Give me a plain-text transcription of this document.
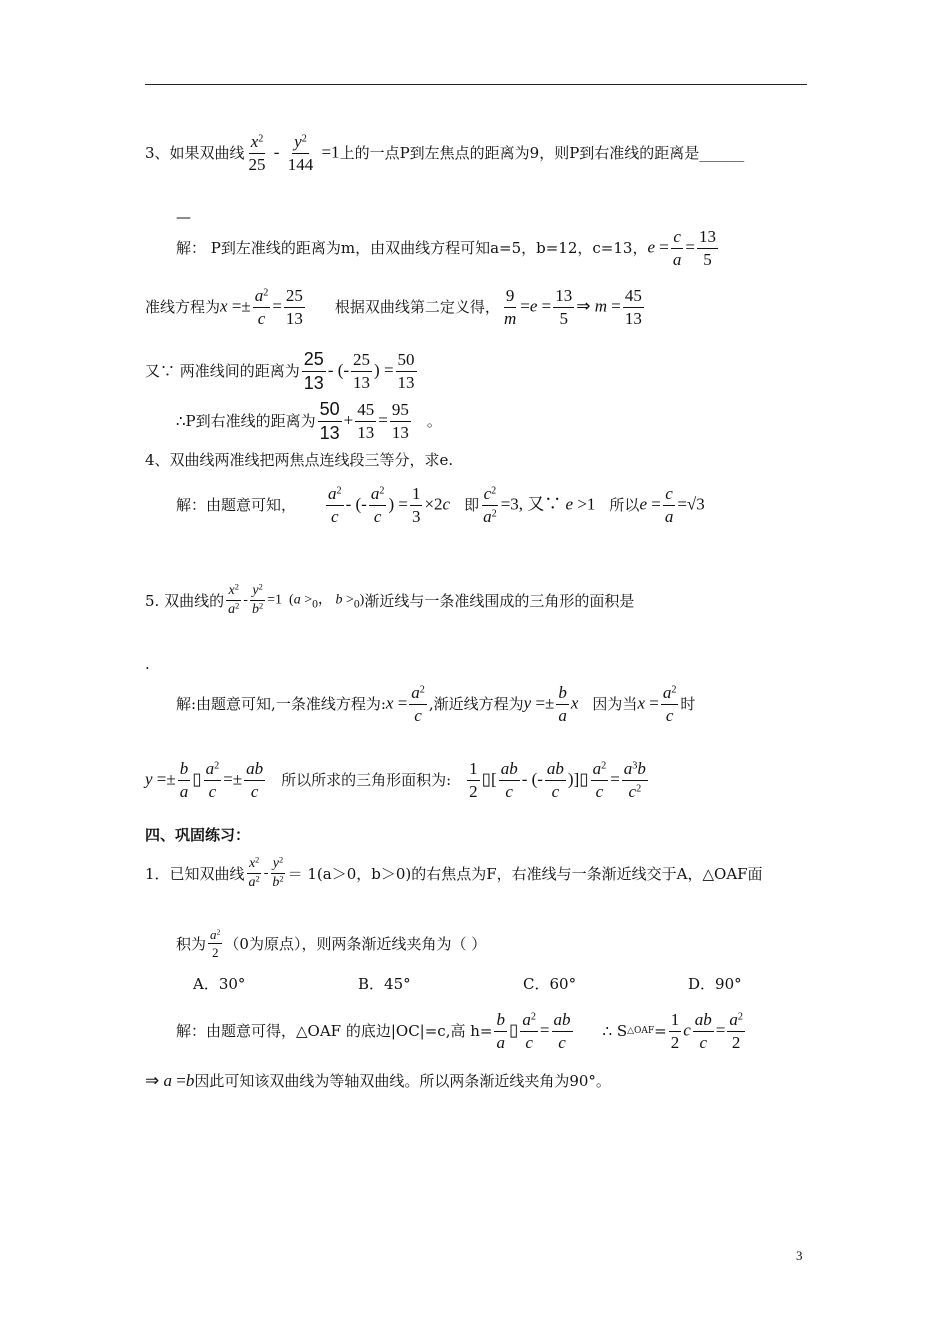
3、如果双曲线 $\frac{x^2}{25} - \frac{y^2}{144} =1$ 上的一点P到左焦点的距离为9，则P到右准线的距离是______
—
解： P到左准线的距离为m，由双曲线方程可知a=5，b=12，c=13， $e = \frac{c}{a} = \frac{13}{5}$
准线方程为 $x =\pm \frac{a^2}{c} = \frac{25}{13}$ 根据双曲线第二定义得， $\frac{9}{m} =e = \frac{13}{5}$ ⇒ $m = \frac{45}{13}$
又∵ 两准线间的距离为 $\frac{25}{13}$ - (- $\frac{25}{13}$ ) = $\frac{50}{13}$
∴P到右准线的距离为 $\frac{50}{13} + \frac{45}{13} = \frac{95}{13}$ 。
4、双曲线两准线把两焦点连线段三等分，求e.
解：由题意可知， $\frac{a^2}{c}$ - (- $\frac{a^2}{c}$ ) = $\frac{1}{3} \times 2c$ 即 $\frac{c^2}{a^2} =3$, 又∵ e >1 所以 $e = \frac{c}{a} =√3$
5. 双曲线的 $\frac{x^2}{a^2} - \frac{y^2}{b^2} =1$  ($a >_0$， $b >_0$) 渐近线与一条准线围成的三角形的面积是
.
解:由题意可知,一条准线方程为: $x = \frac{a^2}{c}$ ,渐近线方程为 $y =\pm \frac{b}{a}$ x 因为当 $x = \frac{a^2}{c}$ 时
$y =\pm \frac{b}{a}$ ▯ $\frac{a^2}{c} =\pm \frac{ab}{c}$ 所以所求的三角形面积为: $\frac{1}{2}$ ▯[ $\frac{ab}{c}$ - (- $\frac{ab}{c}$ )]▯ $\frac{a^2}{c} = \frac{a^3b}{c^2}$
四、巩固练习：
1．已知双曲线 $\frac{x^2}{a^2} - \frac{y^2}{b^2} = 1(a>0$，b＞0)的右焦点为F，右准线与一条渐近线交于A，△OAF面
积为 $\frac{a^2}{2} (0$为原点），则两条渐近线夹角为（ ）
A．30°	B．45°	C．60°	D．90°
解：由题意可得，△OAF 的底边|OC|=c,高 $h= \frac{b}{a}$ ▯ $\frac{a^2}{c} = \frac{ab}{c}$ ∴ S △OAF = $\frac{1}{2}$ c $\frac{ab}{c} = \frac{a^2}{2}$
⇒ a =b 因此可知该双曲线为等轴双曲线。所以两条渐近线夹角为90°。
3
